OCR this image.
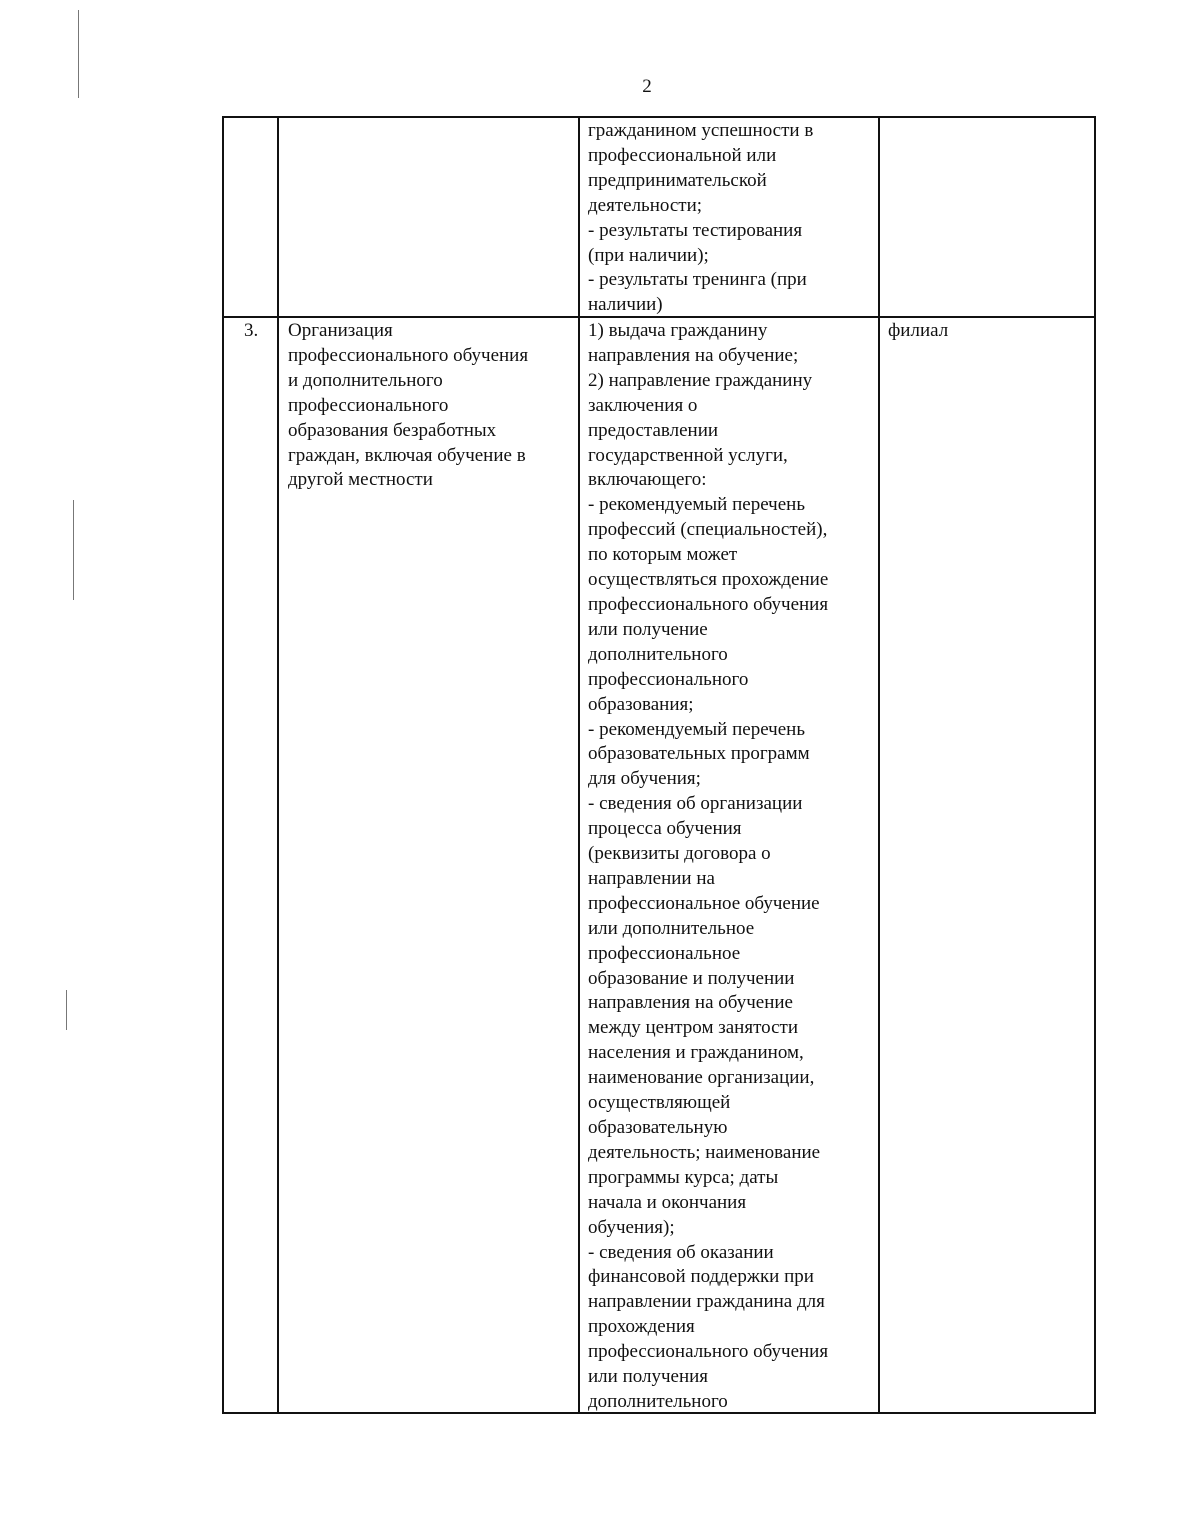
2
гражданином успешности в
профессиональной или
предпринимательской
деятельности;
- результаты тестирования
(при наличии);
- результаты тренинга (при
наличии)
3.	Организация
профессионального обучения
и дополнительного
профессионального
образования безработных
граждан, включая обучение в
другой местности
1) выдача гражданину
направления на обучение;
2) направление гражданину
заключения о
предоставлении
государственной услуги,
включающего:
- рекомендуемый перечень
профессий (специальностей),
по которым может
осуществляться прохождение
профессионального обучения
или получение
дополнительного
профессионального
образования;
- рекомендуемый перечень
образовательных программ
для обучения;
- сведения об организации
процесса обучения
(реквизиты договора о
направлении на
профессиональное обучение
или дополнительное
профессиональное
образование и получении
направления на обучение
между центром занятости
населения и гражданином,
наименование организации,
осуществляющей
образовательную
деятельность; наименование
программы курса; даты
начала и окончания
обучения);
- сведения об оказании
финансовой поддержки при
направлении гражданина для
прохождения
профессионального обучения
или получения
дополнительного
филиал
